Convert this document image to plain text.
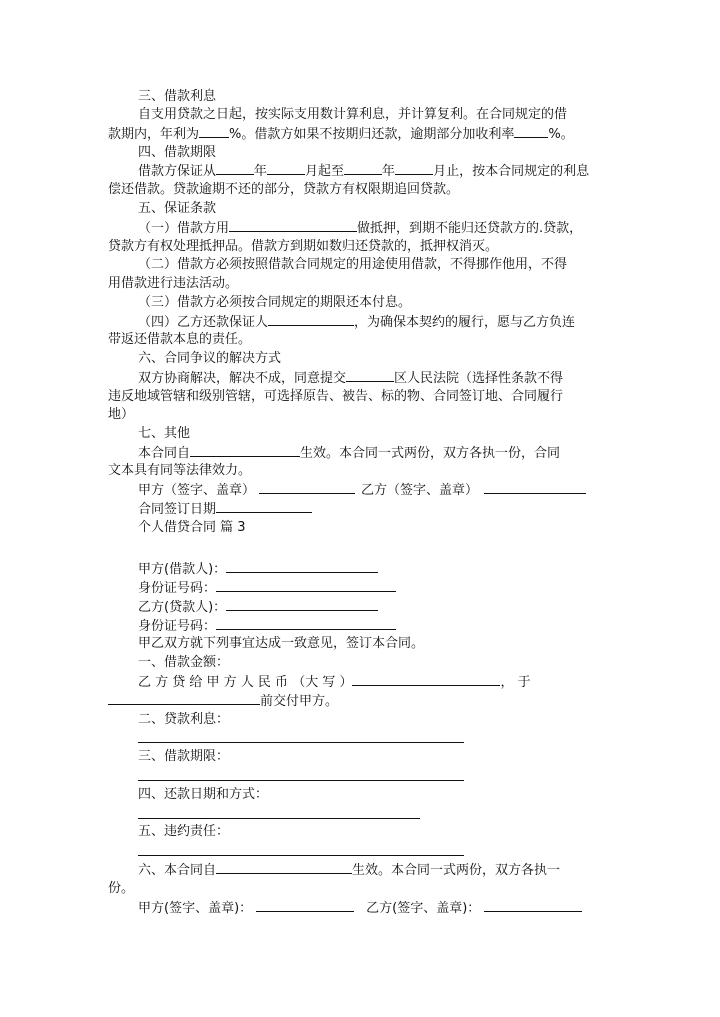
三、借款利息
自支用贷款之日起，按实际支用数计算利息，并计算复利。在合同规定的借
款期内，年利为 %。借款方如果不按期归还款，逾期部分加收利率	%。
四、借款期限
借款方保证从	年	月起至	年	月止，按本合同规定的利息
偿还借款。贷款逾期不还的部分，贷款方有权限期追回贷款。
五、保证条款
（一）借款方用	做抵押，到期不能归还贷款方的.贷款，
贷款方有权处理抵押品。借款方到期如数归还贷款的，抵押权消灭。
（二）借款方必须按照借款合同规定的用途使用借款，不得挪作他用，不得
用借款进行违法活动。
（三）借款方必须按合同规定的期限还本付息。
（四）乙方还款保证人	，为确保本契约的履行，愿与乙方负连
带返还借款本息的责任。
六、合同争议的解决方式
双方协商解决，解决不成，同意提交	区人民法院（选择性条款不得
违反地域管辖和级别管辖，可选择原告、被告、标的物、合同签订地、合同履行
地）
七、其他
本合同自	生效。本合同一式两份，双方各执一份，合同
文本具有同等法律效力。
甲方（签字、盖章）	乙方（签字、盖章）
合同签订日期
个人借贷合同 篇 3
甲方(借款人)：
身份证号码：
乙方(贷款人)：
身份证号码：
甲乙双方就下列事宜达成一致意见，签订本合同。
一、借款金额：
乙 方 贷 给 甲 方 人 民 币 （大 写 ）	， 于
前交付甲方。
二、贷款利息：
三、借款期限：
四、还款日期和方式：
五、违约责任：
六、本合同自	生效。本合同一式两份，双方各执一
份。
甲方(签字、盖章)：	乙方(签字、盖章)：
